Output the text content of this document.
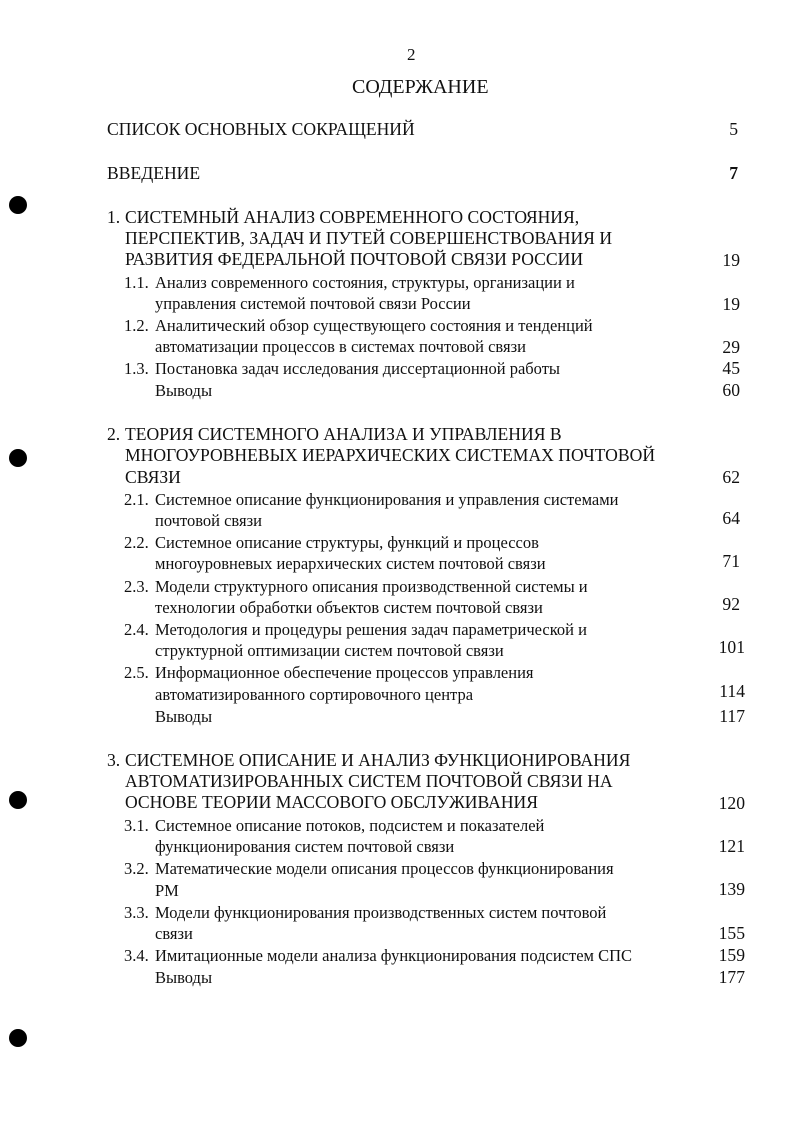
2
СОДЕРЖАНИЕ
СПИСОК ОСНОВНЫХ СОКРАЩЕНИЙ	5
ВВЕДЕНИЕ	7
1. СИСТЕМНЫЙ АНАЛИЗ СОВРЕМЕННОГО СОСТОЯНИЯ,
ПЕРСПЕКТИВ, ЗАДАЧ И ПУТЕЙ СОВЕРШЕНСТВОВАНИЯ И
РАЗВИТИЯ ФЕДЕРАЛЬНОЙ ПОЧТОВОЙ СВЯЗИ РОССИИ	19
1.1. Анализ современного состояния, структуры, организации и
управления системой почтовой связи России	19
1.2. Аналитический обзор существующего состояния и тенденций
автоматизации процессов в системах почтовой связи	29
1.3. Постановка задач исследования диссертационной работы	45
Выводы	60
2. ТЕОРИЯ СИСТЕМНОГО АНАЛИЗА И УПРАВЛЕНИЯ В
МНОГОУРОВНЕВЫХ ИЕРАРХИЧЕСКИХ СИСТЕМАХ ПОЧТОВОЙ
СВЯЗИ	62
2.1. Системное описание функционирования и управления системами
почтовой связи	64
2.2. Системное описание структуры, функций и процессов
многоуровневых иерархических систем почтовой связи	71
2.3. Модели структурного описания производственной системы и
технологии обработки объектов систем почтовой связи	92
2.4. Методология и процедуры решения задач параметрической и
структурной оптимизации систем почтовой связи	101
2.5. Информационное обеспечение процессов управления
автоматизированного сортировочного центра	114
Выводы	117
3. СИСТЕМНОЕ ОПИСАНИЕ И АНАЛИЗ ФУНКЦИОНИРОВАНИЯ
АВТОМАТИЗИРОВАННЫХ СИСТЕМ ПОЧТОВОЙ СВЯЗИ НА
ОСНОВЕ ТЕОРИИ МАССОВОГО ОБСЛУЖИВАНИЯ	120
3.1. Системное описание потоков, подсистем и показателей
функционирования систем почтовой связи	121
3.2. Математические модели описания процессов функционирования
РМ	139
3.3. Модели функционирования производственных систем почтовой
связи	155
3.4. Имитационные модели анализа функционирования подсистем СПС	159
Выводы	177
